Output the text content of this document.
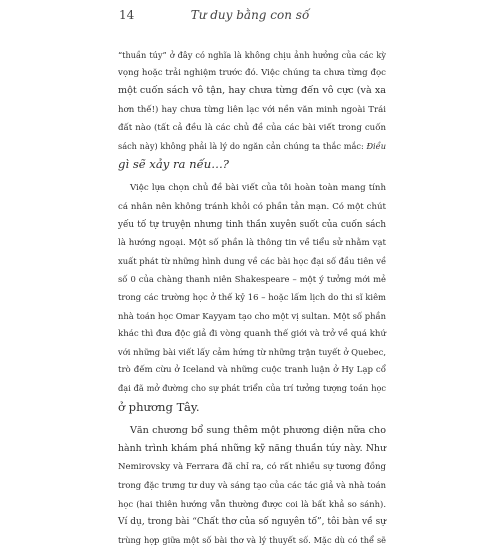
14	Tư duy bằng con số
“thuần túy” ở đây có nghĩa là không chịu ảnh hưởng của các kỳ
vọng hoặc trải nghiệm trước đó. Việc chúng ta chưa từng đọc
một cuốn sách vô tận, hay chưa từng đến vô cực (và xa
hơn thế!) hay chưa từng liên lạc với nền văn minh ngoài Trái
đất nào (tất cả đều là các chủ đề của các bài viết trong cuốn
sách này) không phải là lý do ngăn cản chúng ta thắc mắc: Điều
gì sẽ xảy ra nếu…?
Việc lựa chọn chủ đề bài viết của tôi hoàn toàn mang tính
cá nhân nên không tránh khỏi có phần tản mạn. Có một chút
yếu tố tự truyện nhưng tinh thần xuyên suốt của cuốn sách
là hướng ngoại. Một số phần là thông tin về tiểu sử nhằm vạt
xuất phát từ những hình dung về các bài học đại số đầu tiên về
số 0 của chàng thanh niên Shakespeare – một ý tưởng mới mẻ
trong các trường học ở thế kỷ 16 – hoặc lấm lịch do thi sĩ kiêm
nhà toán học Omar Kayyam tạo cho một vị sultan. Một số phần
khác thì đưa độc giả đi vòng quanh thế giới và trở về quá khứ
với những bài viết lấy cảm hứng từ những trận tuyết ở Quebec,
trò đếm cừu ở Iceland và những cuộc tranh luận ở Hy Lạp cổ
đại đã mở đường cho sự phát triển của trí tưởng tượng toán học
ở phương Tây.
Văn chương bổ sung thêm một phương diện nữa cho
hành trình khám phá những kỹ năng thuần túy này. Như
Nemirovsky và Ferrara đã chỉ ra, có rất nhiều sự tương đồng
trong đặc trưng tư duy và sáng tạo của các tác giả và nhà toán
học (hai thiên hướng vẫn thường được coi là bất khả so sánh).
Ví dụ, trong bài “Chất thơ của số nguyên tố”, tôi bàn về sự
trùng hợp giữa một số bài thơ và lý thuyết số. Mặc dù có thể sẽ
